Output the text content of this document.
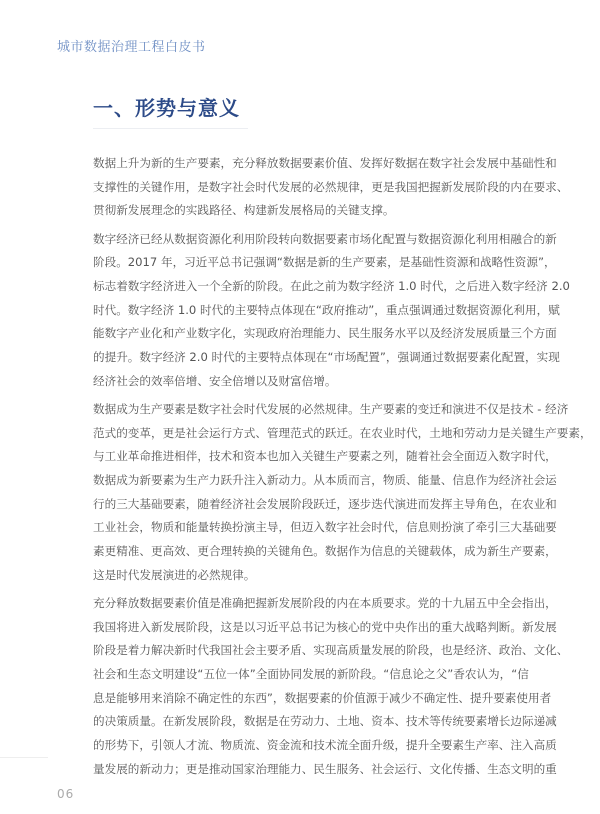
城市数据治理工程白皮书
一、形势与意义
数据上升为新的生产要素，充分释放数据要素价值、发挥好数据在数字社会发展中基础性和
支撑性的关键作用，是数字社会时代发展的必然规律，更是我国把握新发展阶段的内在要求、
贯彻新发展理念的实践路径、构建新发展格局的关键支撑。
数字经济已经从数据资源化利用阶段转向数据要素市场化配置与数据资源化利用相融合的新
阶段。2017 年，习近平总书记强调“数据是新的生产要素，是基础性资源和战略性资源”，
标志着数字经济进入一个全新的阶段。在此之前为数字经济 1.0 时代，之后进入数字经济 2.0
时代。数字经济 1.0 时代的主要特点体现在“政府推动”，重点强调通过数据资源化利用，赋
能数字产业化和产业数字化，实现政府治理能力、民生服务水平以及经济发展质量三个方面
的提升。数字经济 2.0 时代的主要特点体现在“市场配置”，强调通过数据要素化配置，实现
经济社会的效率倍增、安全倍增以及财富倍增。
数据成为生产要素是数字社会时代发展的必然规律。生产要素的变迁和演进不仅是技术 - 经济
范式的变革，更是社会运行方式、管理范式的跃迁。在农业时代，土地和劳动力是关键生产要素，
与工业革命推进相伴，技术和资本也加入关键生产要素之列，随着社会全面迈入数字时代，
数据成为新要素为生产力跃升注入新动力。从本质而言，物质、能量、信息作为经济社会运
行的三大基础要素，随着经济社会发展阶段跃迁，逐步迭代演进而发挥主导角色，在农业和
工业社会，物质和能量转换扮演主导，但迈入数字社会时代，信息则扮演了牵引三大基础要
素更精准、更高效、更合理转换的关键角色。数据作为信息的关键载体，成为新生产要素，
这是时代发展演进的必然规律。
充分释放数据要素价值是准确把握新发展阶段的内在本质要求。党的十九届五中全会指出，
我国将进入新发展阶段，这是以习近平总书记为核心的党中央作出的重大战略判断。新发展
阶段是着力解决新时代我国社会主要矛盾、实现高质量发展的阶段，也是经济、政治、文化、
社会和生态文明建设“五位一体”全面协同发展的新阶段。“信息论之父”香农认为，“信
息是能够用来消除不确定性的东西”，数据要素的价值源于减少不确定性、提升要素使用者
的决策质量。在新发展阶段，数据是在劳动力、土地、资本、技术等传统要素增长边际递减
的形势下，引领人才流、物质流、资金流和技术流全面升级，提升全要素生产率、注入高质
量发展的新动力；更是推动国家治理能力、民生服务、社会运行、文化传播、生态文明的重
06
